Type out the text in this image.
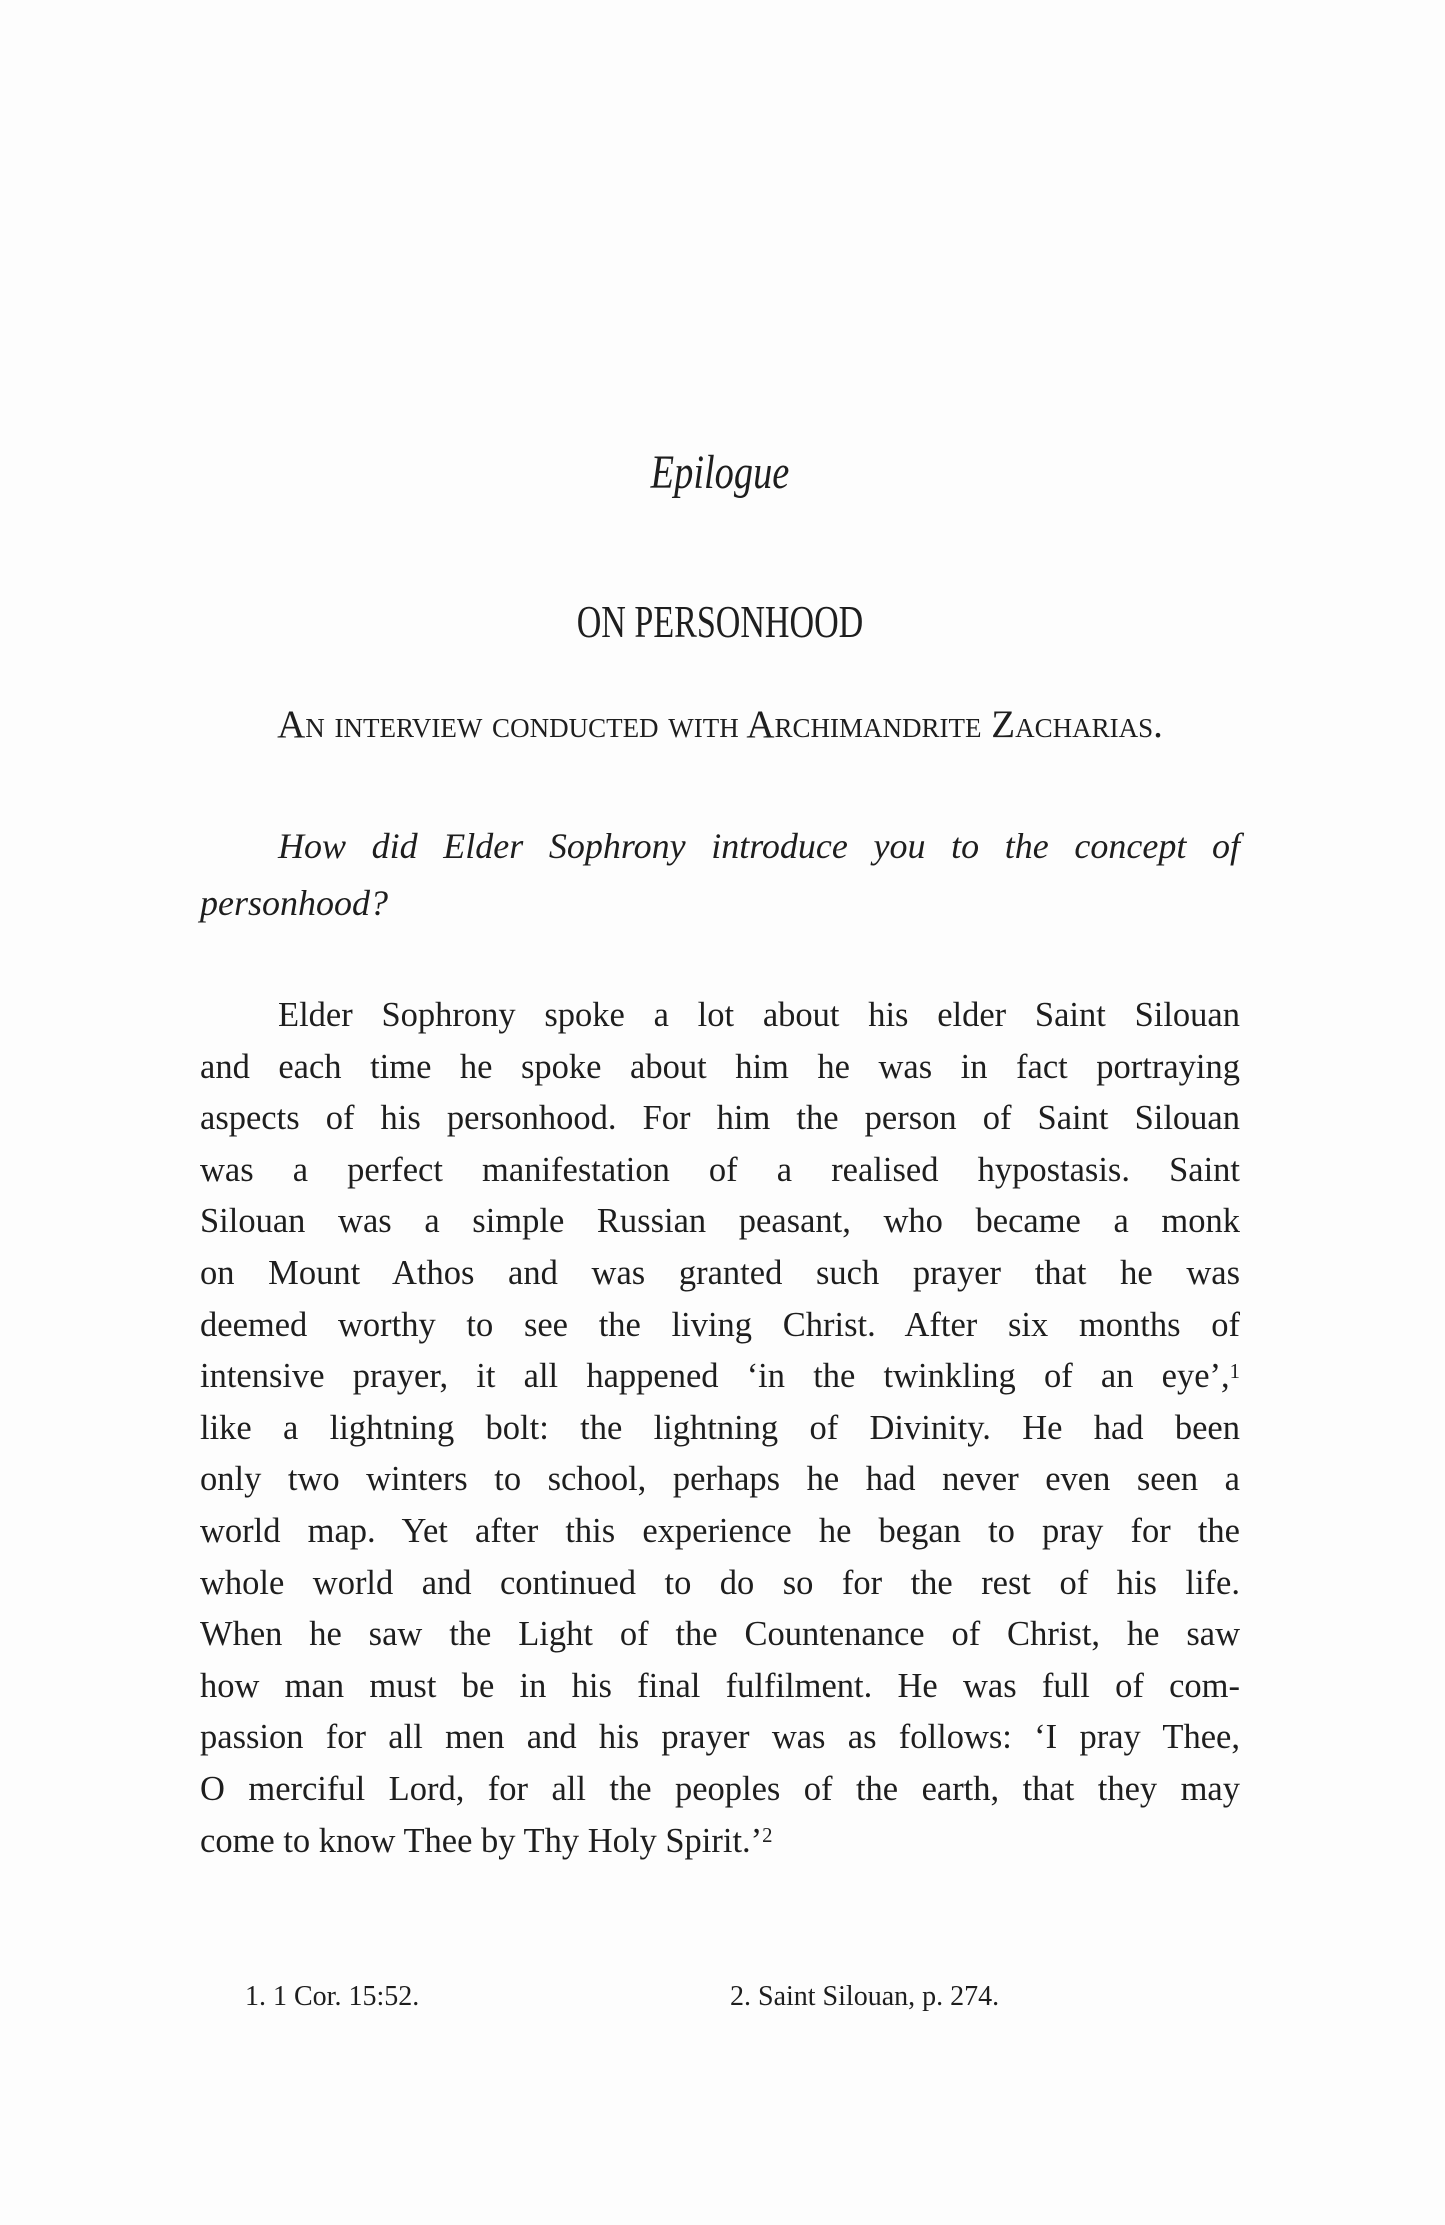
Epilogue
ON PERSONHOOD
An interview conducted with Archimandrite Zacharias.
How did Elder Sophrony introduce you to the concept of
personhood?
Elder Sophrony spoke a lot about his elder Saint Silouan
and each time he spoke about him he was in fact portraying
aspects of his personhood. For him the person of Saint Silouan
was a perfect manifestation of a realised hypostasis. Saint
Silouan was a simple Russian peasant, who became a monk
on Mount Athos and was granted such prayer that he was
deemed worthy to see the living Christ. After six months of
intensive prayer, it all happened ‘in the twinkling of an eye’,$^1$
like a lightning bolt: the lightning of Divinity. He had been
only two winters to school, perhaps he had never even seen a
world map. Yet after this experience he began to pray for the
whole world and continued to do so for the rest of his life.
When he saw the Light of the Countenance of Christ, he saw
how man must be in his final fulfilment. He was full of com-
passion for all men and his prayer was as follows: ‘I pray Thee,
O merciful Lord, for all the peoples of the earth, that they may
come to know Thee by Thy Holy Spirit.’$^2$
1. 1 Cor. 15:52.	2. Saint Silouan, p. 274.
